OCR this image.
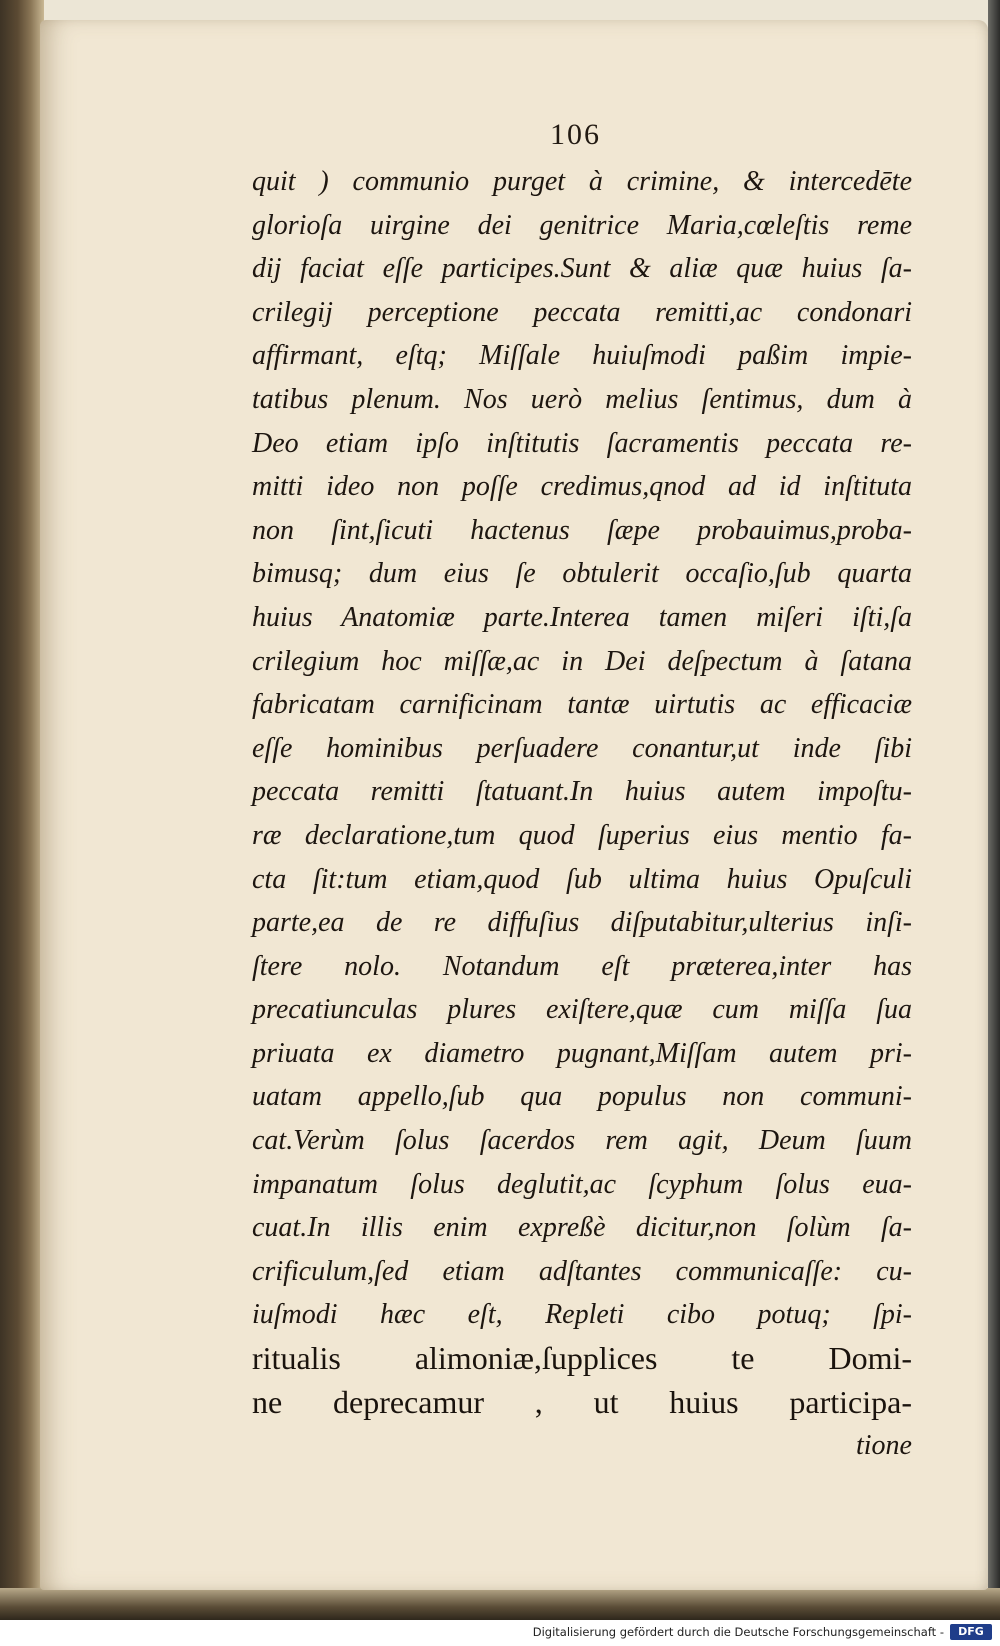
106
quit ) communio purget à crimine, & intercedēte
glorioſa uirgine dei genitrice Maria,cœleſtis reme
dij faciat eſſe participes.Sunt & aliæ quæ huius ſa-
crilegij perceptione peccata remitti,ac condonari
affirmant, eſtq; Miſſale huiuſmodi paßim impie-
tatibus plenum. Nos uerò melius ſentimus, dum à
Deo etiam ipſo inſtitutis ſacramentis peccata re-
mitti ideo non poſſe credimus,qnod ad id inſtituta
non ſint,ſicuti hactenus ſæpe probauimus,proba-
bimusq; dum eius ſe obtulerit occaſio,ſub quarta
huius Anatomiæ parte.Interea tamen miſeri iſti,ſa
crilegium hoc miſſæ,ac in Dei deſpectum à ſatana
fabricatam carnificinam tantæ uirtutis ac efficaciæ
eſſe hominibus perſuadere conantur,ut inde ſibi
peccata remitti ſtatuant.In huius autem impoſtu-
ræ declaratione,tum quod ſuperius eius mentio fa-
cta ſit:tum etiam,quod ſub ultima huius Opuſculi
parte,ea de re diffuſius diſputabitur,ulterius inſi-
ſtere nolo. Notandum eſt præterea,inter has
precatiunculas plures exiſtere,quæ cum miſſa ſua
priuata ex diametro pugnant,Miſſam autem pri-
uatam appello,ſub qua populus non communi-
cat.Verùm ſolus ſacerdos rem agit, Deum ſuum
impanatum ſolus deglutit,ac ſcyphum ſolus eua-
cuat.In illis enim expreßè dicitur,non ſolùm ſa-
crificulum,ſed etiam adſtantes communicaſſe: cu-
iuſmodi hæc eſt, Repleti cibo potuq; ſpi-
ritualis alimoniæ,ſupplices te Domi-
ne deprecamur , ut huius participa-
tione
Digitalisierung gefördert durch die Deutsche Forschungsgemeinschaft -	DFG
